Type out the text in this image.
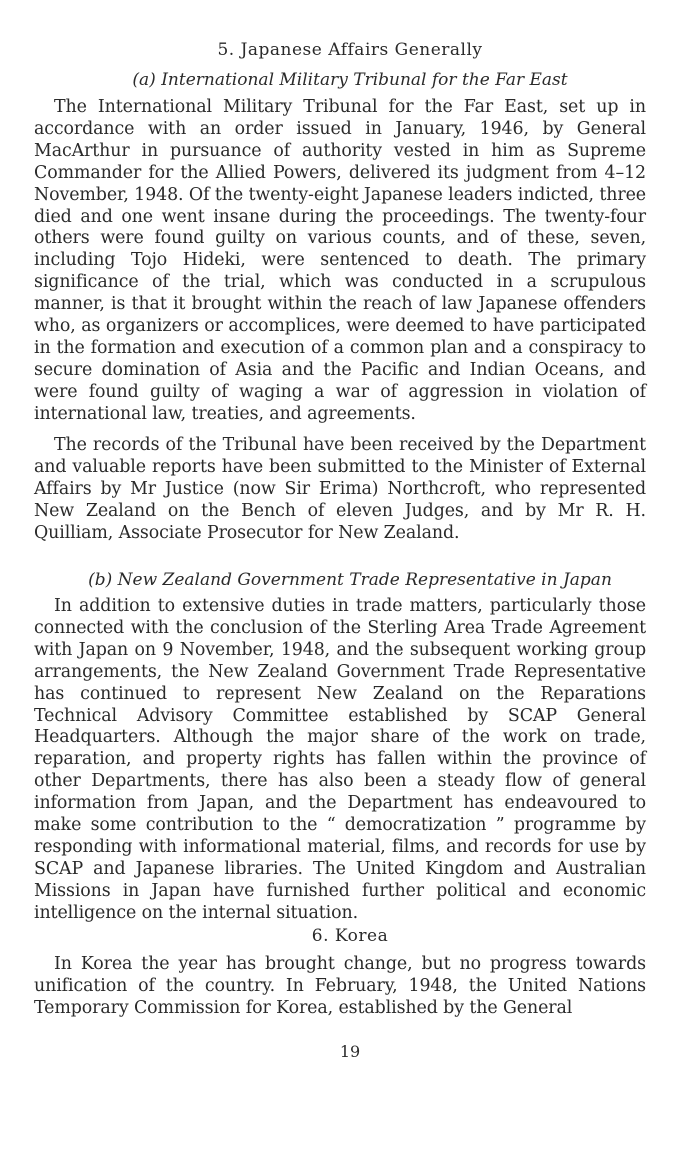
5. Japanese Affairs Generally
(a) International Military Tribunal for the Far East

The International Military Tribunal for the Far East, set up in accordance with an order issued in January, 1946, by General MacArthur in pursuance of authority vested in him as Supreme Commander for the Allied Powers, delivered its judgment from 4–12 November, 1948. Of the twenty-eight Japanese leaders indicted, three died and one went insane during the proceedings. The twenty-four others were found guilty on various counts, and of these, seven, including Tojo Hideki, were sentenced to death. The primary significance of the trial, which was conducted in a scrupulous manner, is that it brought within the reach of law Japanese offenders who, as organizers or accomplices, were deemed to have participated in the formation and execution of a common plan and a conspiracy to secure domination of Asia and the Pacific and Indian Oceans, and were found guilty of waging a war of aggression in violation of international law, treaties, and agreements.

The records of the Tribunal have been received by the Department and valuable reports have been submitted to the Minister of External Affairs by Mr Justice (now Sir Erima) Northcroft, who represented New Zealand on the Bench of eleven Judges, and by Mr R. H. Quilliam, Associate Prosecutor for New Zealand.

(b) New Zealand Government Trade Representative in Japan

In addition to extensive duties in trade matters, particularly those connected with the conclusion of the Sterling Area Trade Agreement with Japan on 9 November, 1948, and the subsequent working group arrangements, the New Zealand Government Trade Representative has continued to represent New Zealand on the Reparations Technical Advisory Committee established by SCAP General Headquarters. Although the major share of the work on trade, reparation, and property rights has fallen within the province of other Departments, there has also been a steady flow of general information from Japan, and the Department has endeavoured to make some contribution to the “ democratization ” programme by responding with informational material, films, and records for use by SCAP and Japanese libraries. The United Kingdom and Australian Missions in Japan have furnished further political and economic intelligence on the internal situation.

6. Korea

In Korea the year has brought change, but no progress towards unification of the country. In February, 1948, the United Nations Temporary Commission for Korea, established by the General

19
